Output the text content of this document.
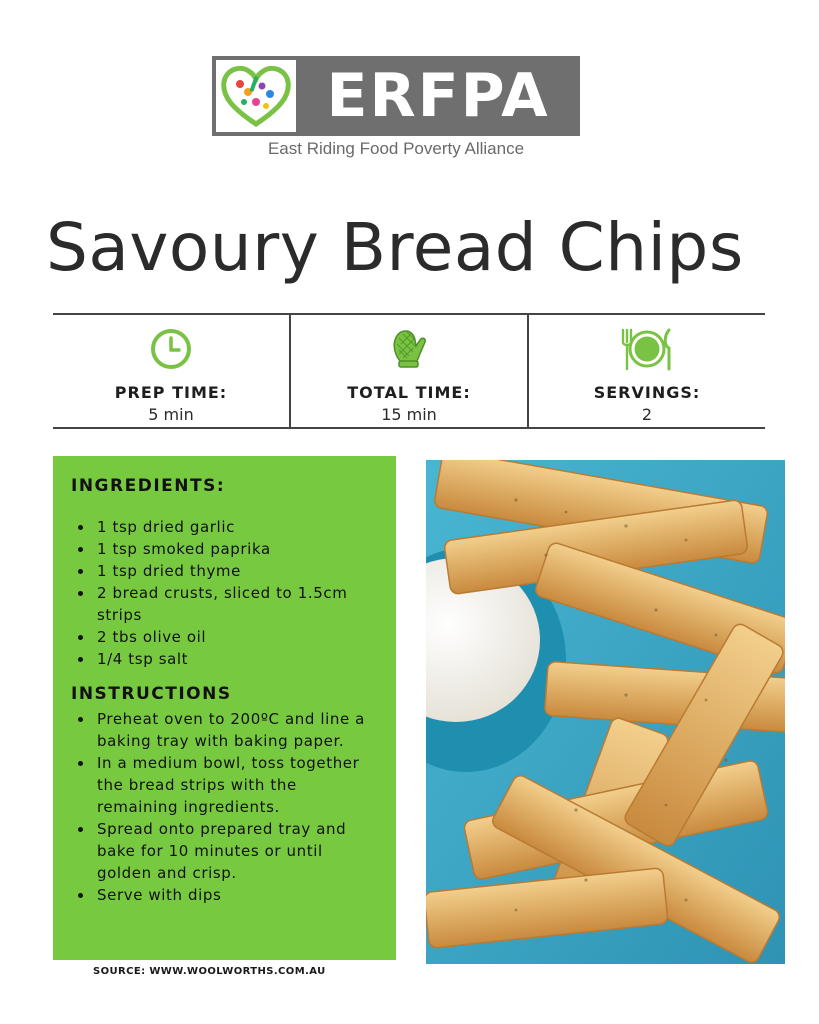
ERFPA
East Riding Food Poverty Alliance
Savoury Bread Chips
PREP TIME:
5 min
TOTAL TIME:
15 min
SERVINGS:
2
INGREDIENTS:
1 tsp dried garlic
1 tsp smoked paprika
1 tsp dried thyme
2 bread crusts, sliced to 1.5cm strips
2 tbs olive oil
1/4 tsp salt
INSTRUCTIONS
Preheat oven to 200ºC and line a baking tray with baking paper.
In a medium bowl, toss together the bread strips with the remaining ingredients.
Spread onto prepared tray and bake for 10 minutes or until golden and crisp.
Serve with dips
SOURCE: WWW.WOOLWORTHS.COM.AU
